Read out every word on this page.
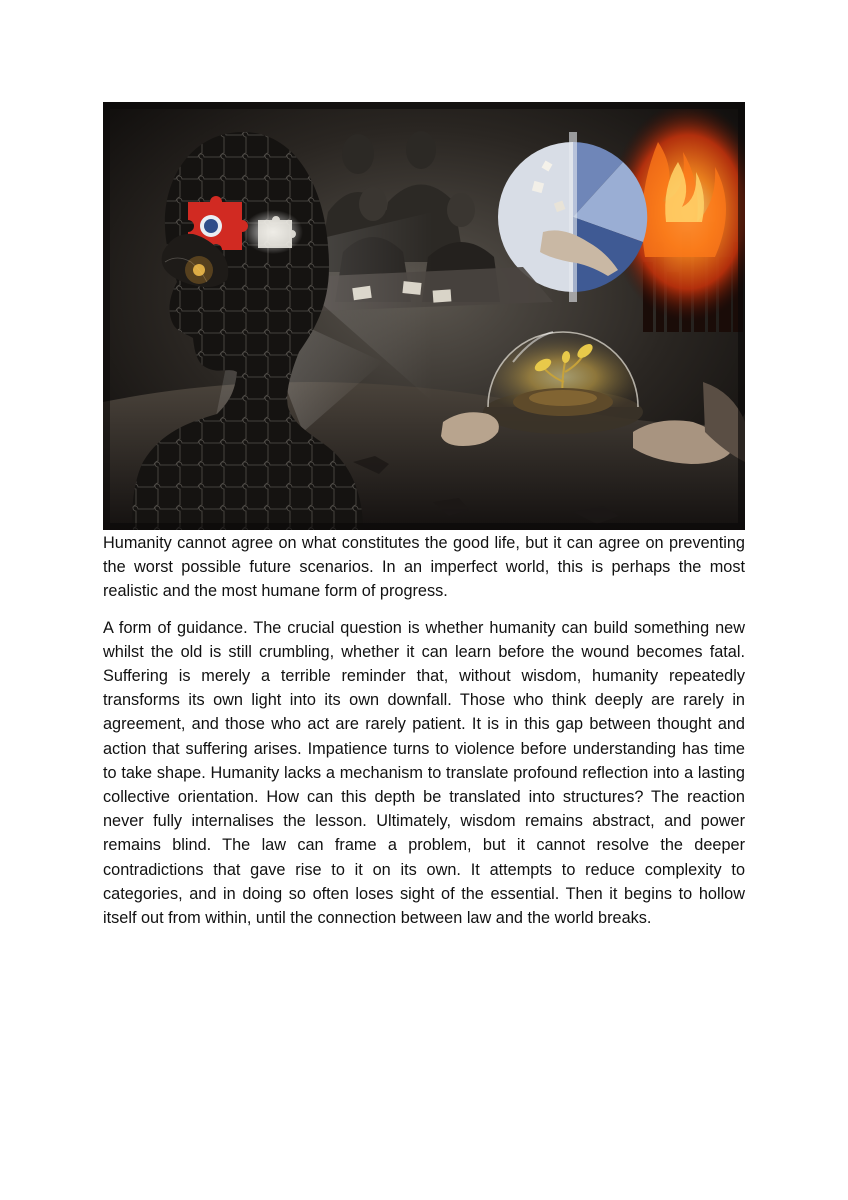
Humanity cannot agree on what constitutes the good life, but it can agree on preventing the worst possible future scenarios. In an imperfect world, this is perhaps the most realistic and the most humane form of progress.

A form of guidance. The crucial question is whether humanity can build something new whilst the old is still crumbling, whether it can learn before the wound becomes fatal. Suffering is merely a terrible reminder that, without wisdom, humanity repeatedly transforms its own light into its own downfall. Those who think deeply are rarely in agreement, and those who act are rarely patient. It is in this gap between thought and action that suffering arises. Impatience turns to violence before understanding has time to take shape. Humanity lacks a mechanism to translate profound reflection into a lasting collective orientation. How can this depth be translated into structures? The reaction never fully internalises the lesson. Ultimately, wisdom remains abstract, and power remains blind. The law can frame a problem, but it cannot resolve the deeper contradictions that gave rise to it on its own. It attempts to reduce complexity to categories, and in doing so often loses sight of the essential. Then it begins to hollow itself out from within, until the connection between law and the world breaks.
